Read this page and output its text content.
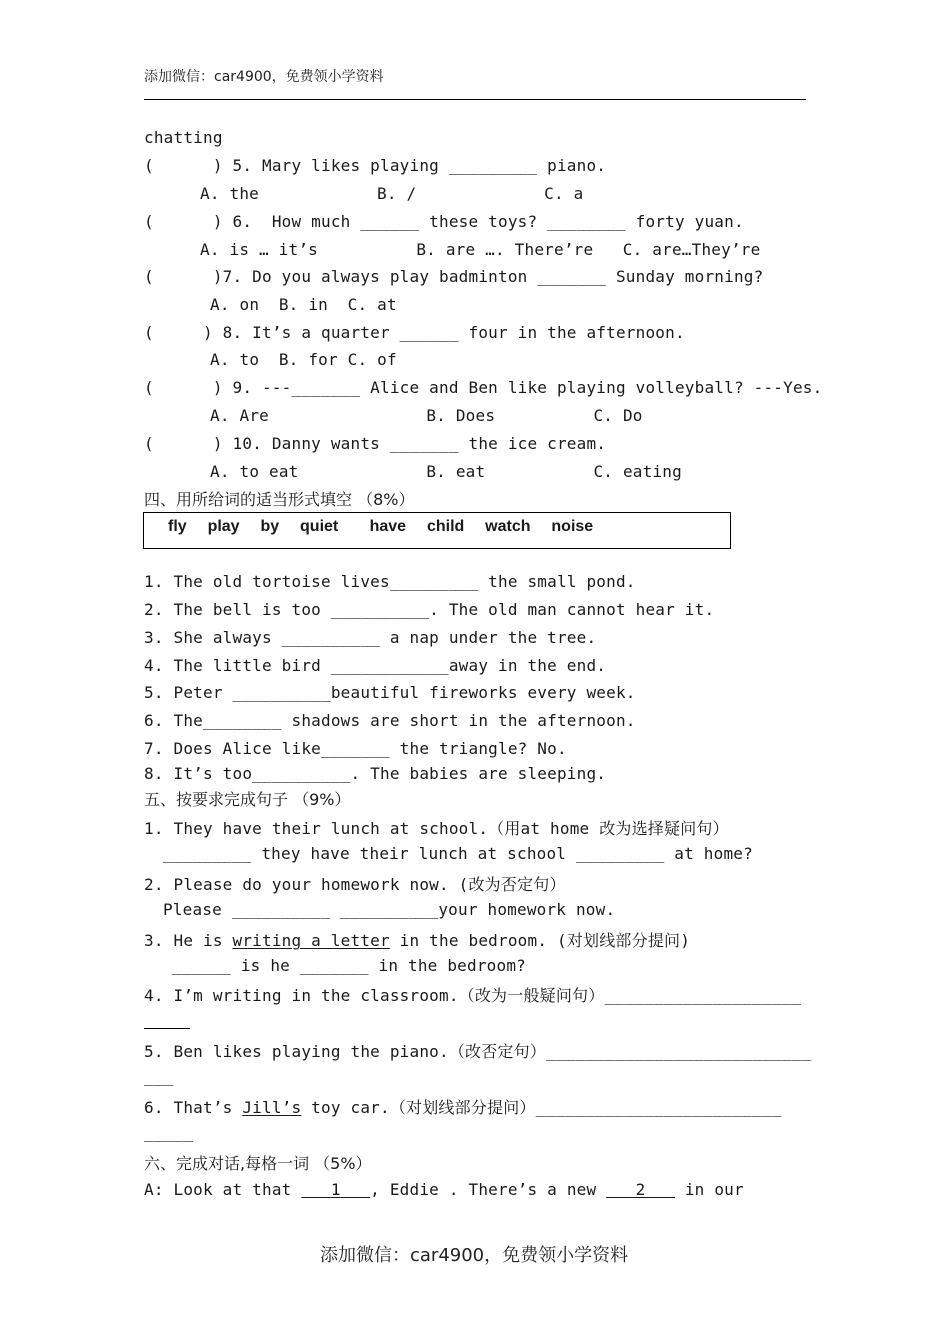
添加微信：car4900，免费领小学资料
chatting
(      ) 5. Mary likes playing _________ piano.
A. the            B. /             C. a
(      ) 6.  How much ______ these toys? ________ forty yuan.
A. is … it’s          B. are …. There’re   C. are…They’re
(      )7. Do you always play badminton _______ Sunday morning?
A. on  B. in  C. at
(     ) 8. It’s a quarter ______ four in the afternoon.
A. to  B. for C. of
(      ) 9. ---_______ Alice and Ben like playing volleyball? ---Yes.
A. Are                B. Does          C. Do
(      ) 10. Danny wants _______ the ice cream.
A. to eat             B. eat           C. eating
四、用所给词的适当形式填空 （8%）
fly  play  by  quiet   have  child  watch  noise
1. The old tortoise lives_________ the small pond.
2. The bell is too __________. The old man cannot hear it.
3. She always __________ a nap under the tree.
4. The little bird ____________away in the end.
5. Peter __________beautiful fireworks every week.
6. The________ shadows are short in the afternoon.
7. Does Alice like_______ the triangle? No.
8. It’s too__________. The babies are sleeping.
五、按要求完成句子 （9%）
1. They have their lunch at school.（用at home 改为选择疑问句）
_________ they have their lunch at school _________ at home?
2. Please do your homework now. (改为否定句）
Please __________ __________your homework now.
3. He is writing a letter in the bedroom. (对划线部分提问)
______ is he _______ in the bedroom?
4. I’m writing in the classroom.（改为一般疑问句）____________________
5. Ben likes playing the piano.（改否定句）___________________________
___
6. That’s Jill’s toy car.（对划线部分提问）_________________________
_____
六、完成对话,每格一词 （5%）
A: Look at that    1 , Eddie . There’s a new    2    in our
添加微信：car4900，免费领小学资料
